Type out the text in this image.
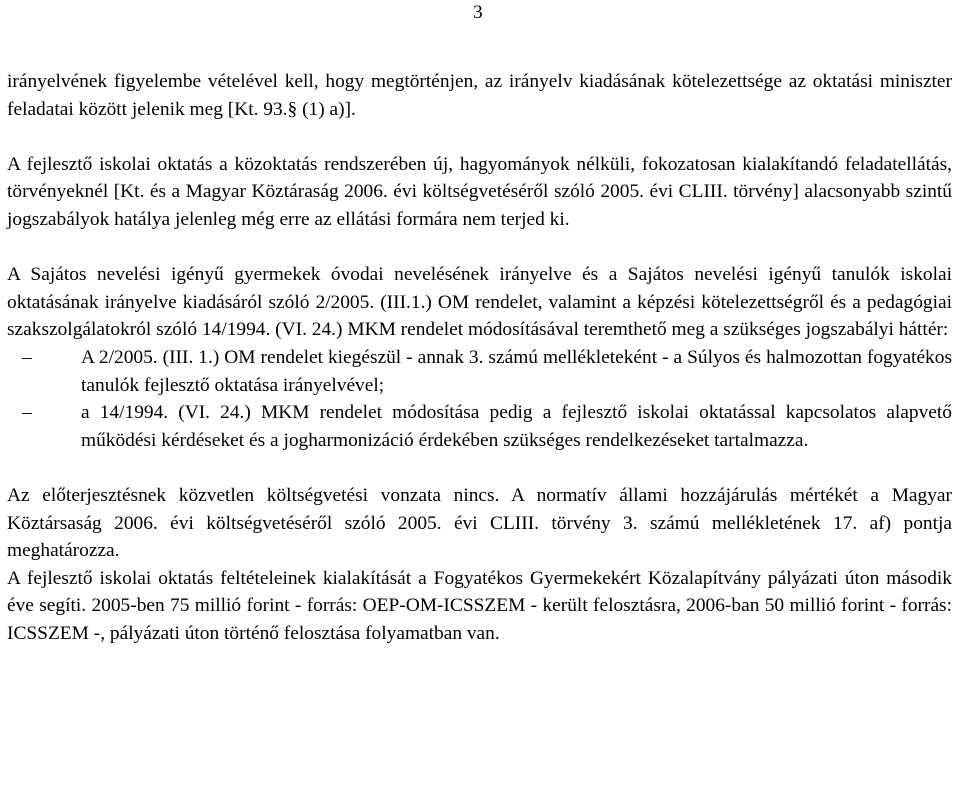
3

irányelvének figyelembe vételével kell, hogy megtörténjen, az irányelv kiadásának kötelezettsége az oktatási miniszter feladatai között jelenik meg [Kt. 93.§ (1) a)].

A fejlesztő iskolai oktatás a közoktatás rendszerében új, hagyományok nélküli, fokozatosan kialakítandó feladatellátás, törvényeknél [Kt. és a Magyar Köztáraság 2006. évi költségvetéséről szóló 2005. évi CLIII. törvény] alacsonyabb szintű jogszabályok hatálya jelenleg még erre az ellátási formára nem terjed ki.

A Sajátos nevelési igényű gyermekek óvodai nevelésének irányelve és a Sajátos nevelési igényű tanulók iskolai oktatásának irányelve kiadásáról szóló 2/2005. (III.1.) OM rendelet, valamint a képzési kötelezettségről és a pedagógiai szakszolgálatokról szóló 14/1994. (VI. 24.) MKM rendelet módosításával teremthető meg a szükséges jogszabályi háttér:

–	A 2/2005. (III. 1.) OM rendelet kiegészül - annak 3. számú mellékleteként - a Súlyos és halmozottan fogyatékos tanulók fejlesztő oktatása irányelvével;
–	a 14/1994. (VI. 24.) MKM rendelet módosítása pedig a fejlesztő iskolai oktatással kapcsolatos alapvető működési kérdéseket és a jogharmonizáció érdekében szükséges rendelkezéseket tartalmazza.

Az előterjesztésnek közvetlen költségvetési vonzata nincs. A normatív állami hozzájárulás mértékét a Magyar Köztársaság 2006. évi költségvetéséről szóló 2005. évi CLIII. törvény 3. számú mellékletének 17. af) pontja meghatározza.

A fejlesztő iskolai oktatás feltételeinek kialakítását a Fogyatékos Gyermekekért Közalapítvány pályázati úton második éve segíti. 2005-ben 75 millió forint - forrás: OEP-OM-ICSSZEM - került felosztásra, 2006-ban 50 millió forint - forrás: ICSSZEM -, pályázati úton történő felosztása folyamatban van.
